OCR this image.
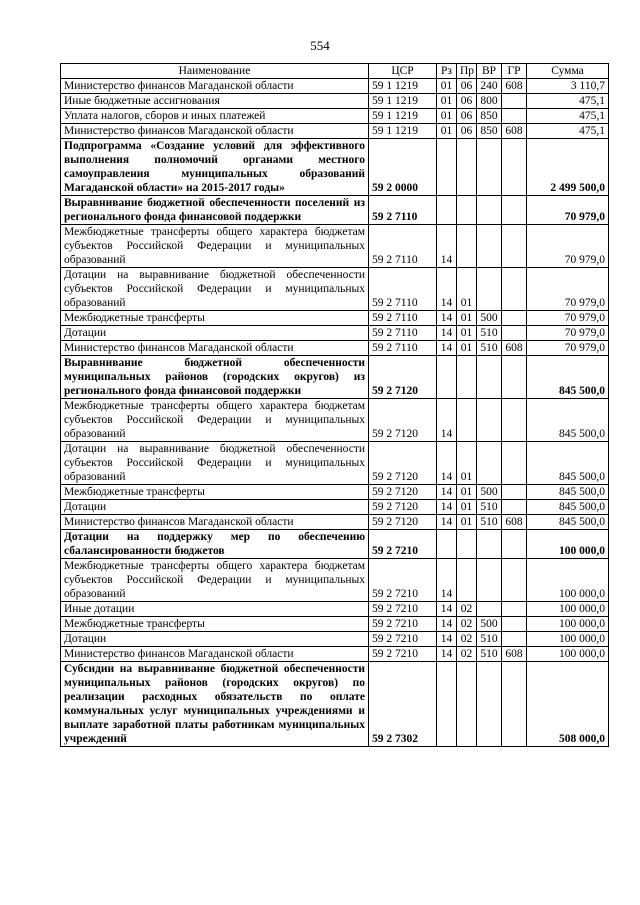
554
Наименование	ЦСР	Рз	Пр	ВР	ГР	Сумма
Министерство финансов Магаданской области	59 1 1219	01	06	240	608	3 110,7
Иные бюджетные ассигнования	59 1 1219	01	06	800		475,1
Уплата налогов, сборов и иных платежей	59 1 1219	01	06	850		475,1
Министерство финансов Магаданской области	59 1 1219	01	06	850	608	475,1
Подпрограмма «Создание условий для эффективного выполнения полномочий органами местного самоуправления муниципальных образований Магаданской области» на 2015-2017 годы»	59 2 0000					2 499 500,0
Выравнивание бюджетной обеспеченности поселений из регионального фонда финансовой поддержки	59 2 7110					70 979,0
Межбюджетные трансферты общего характера бюджетам субъектов Российской Федерации и муниципальных образований	59 2 7110	14				70 979,0
Дотации на выравнивание бюджетной обеспеченности субъектов Российской Федерации и муниципальных образований	59 2 7110	14	01			70 979,0
Межбюджетные трансферты	59 2 7110	14	01	500		70 979,0
Дотации	59 2 7110	14	01	510		70 979,0
Министерство финансов Магаданской области	59 2 7110	14	01	510	608	70 979,0
Выравнивание бюджетной обеспеченности муниципальных районов (городских округов) из регионального фонда финансовой поддержки	59 2 7120					845 500,0
Межбюджетные трансферты общего характера бюджетам субъектов Российской Федерации и муниципальных образований	59 2 7120	14				845 500,0
Дотации на выравнивание бюджетной обеспеченности субъектов Российской Федерации и муниципальных образований	59 2 7120	14	01			845 500,0
Межбюджетные трансферты	59 2 7120	14	01	500		845 500,0
Дотации	59 2 7120	14	01	510		845 500,0
Министерство финансов Магаданской области	59 2 7120	14	01	510	608	845 500,0
Дотации на поддержку мер по обеспечению сбалансированности бюджетов	59 2 7210					100 000,0
Межбюджетные трансферты общего характера бюджетам субъектов Российской Федерации и муниципальных образований	59 2 7210	14				100 000,0
Иные дотации	59 2 7210	14	02			100 000,0
Межбюджетные трансферты	59 2 7210	14	02	500		100 000,0
Дотации	59 2 7210	14	02	510		100 000,0
Министерство финансов Магаданской области	59 2 7210	14	02	510	608	100 000,0
Субсидии на выравнивание бюджетной обеспеченности муниципальных районов (городских округов) по реализации расходных обязательств по оплате коммунальных услуг муниципальных учреждениями и выплате заработной платы работникам муниципальных учреждений	59 2 7302					508 000,0
